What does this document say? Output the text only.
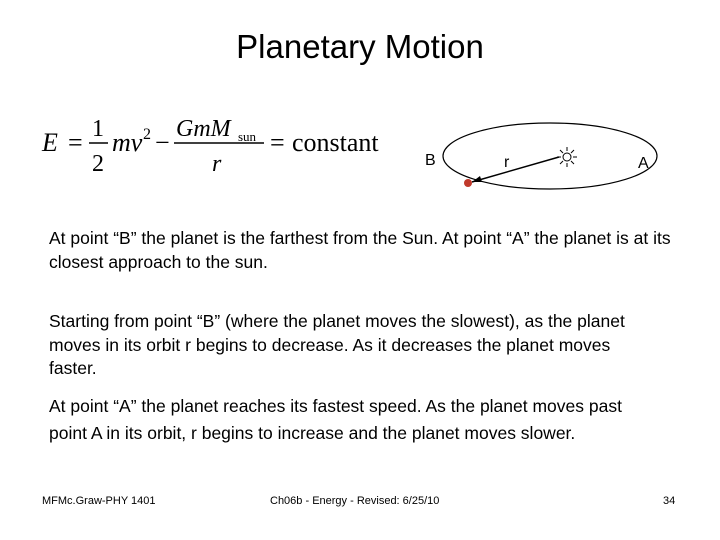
Planetary Motion
E = 1
2
mv 2 − GmM sun
r
= constant
B	A
r
At point “B” the planet is the farthest from the Sun. At point “A” the planet is at its closest approach to the sun.
Starting from point “B” (where the planet moves the slowest), as the planet moves in its orbit r begins to decrease. As it decreases the planet moves faster.
At point “A” the planet reaches its fastest speed. As the planet moves past point A in its orbit, r begins to increase and the planet moves slower.
MFMc.Graw-PHY 1401	Ch06b - Energy - Revised: 6/25/10	34
